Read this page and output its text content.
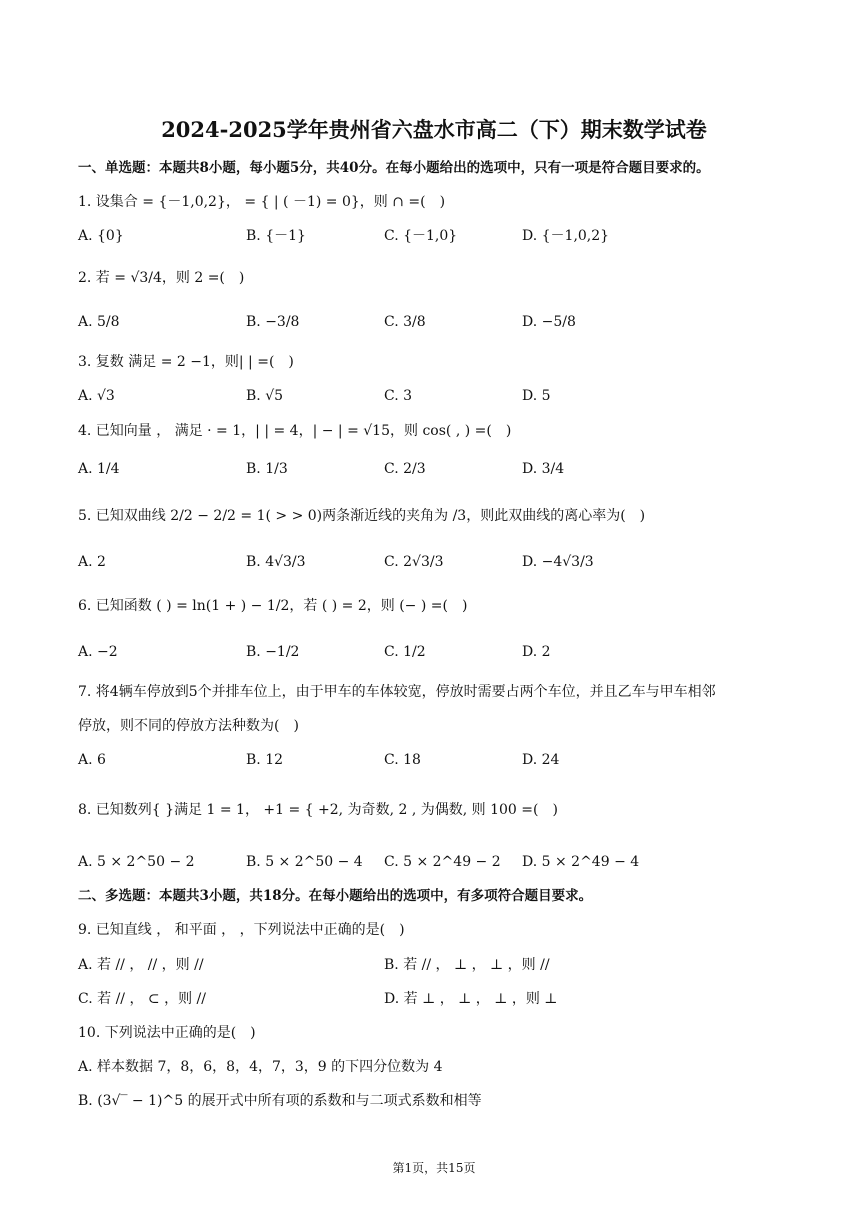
2024-2025学年贵州省六盘水市高二（下）期末数学试卷
一、单选题：本题共8小题，每小题5分，共40分。在每小题给出的选项中，只有一项是符合题目要求的。
1. 设集合 = {－1,0,2}， = { | ( －1) = 0}，则 ∩ =(　)
A. {0}	B. {－1}	C. {－1,0}	D. {－1,0,2}
2. 若 = √3/4，则 2 =(　)
A. 5/8	B. −3/8	C. 3/8	D. −5/8
3. 复数 满足 = 2 −1，则| | =(　)
A. √3	B. √5	C. 3	D. 5
4. 已知向量 ， 满足 · = 1，| | = 4，| − | = √15，则 cos( , ) =(　)
A. 1/4	B. 1/3	C. 2/3	D. 3/4
5. 已知双曲线 2/2 − 2/2 = 1( > > 0)两条渐近线的夹角为 /3，则此双曲线的离心率为(　)
A. 2	B. 4√3/3	C. 2√3/3	D. −4√3/3
6. 已知函数 ( ) = ln(1 + ) − 1/2，若 ( ) = 2，则 (− ) =(　)
A. −2	B. −1/2	C. 1/2	D. 2
7. 将4辆车停放到5个并排车位上，由于甲车的车体较宽，停放时需要占两个车位，并且乙车与甲车相邻
停放，则不同的停放方法种数为(　)
A. 6	B. 12	C. 18	D. 24
8. 已知数列{ }满足 1 = 1， +1 = { +2, 为奇数, 2 , 为偶数, 则 100 =(　)
A. 5 × 2^50 − 2	B. 5 × 2^50 − 4 C. 5 × 2^49 − 2 D. 5 × 2^49 − 4
二、多选题：本题共3小题，共18分。在每小题给出的选项中，有多项符合题目要求。
9. 已知直线 ， 和平面 ， ，下列说法中正确的是(　)
A. 若 // ， // ，则 //	B. 若 // ， ⊥ ， ⊥ ，则 //
C. 若 // ， ⊂ ，则 //	D. 若 ⊥ ， ⊥ ， ⊥ ，则 ⊥
10. 下列说法中正确的是(　)
A. 样本数据 7，8，6，8，4，7，3，9 的下四分位数为 4
B. (3√‾ − 1)^5 的展开式中所有项的系数和与二项式系数和相等
第1页，共15页
